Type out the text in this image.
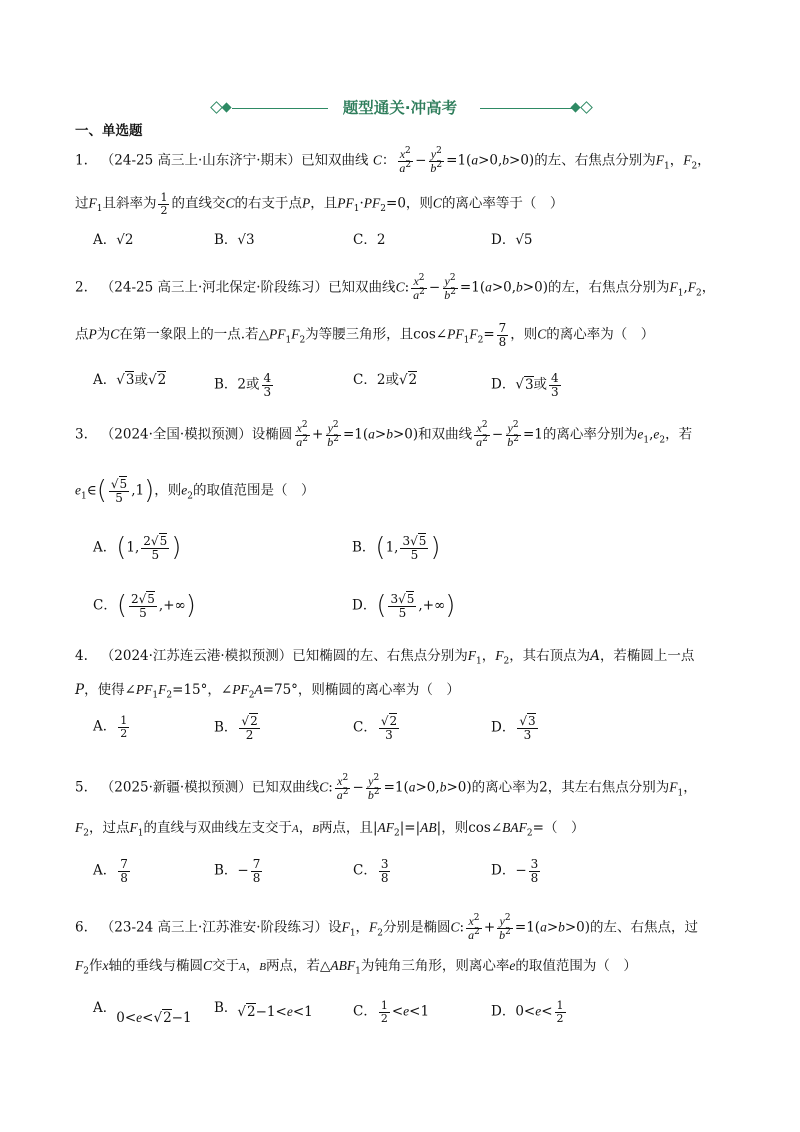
题型通关·冲高考
一、单选题
1. （24-25 高三上·山东济宁·期末）已知双曲线 C： $\frac{x^2}{a^2} - \frac{y^2}{b^2} =1(a>0,b>0)$的左、右焦点分别为$F_1$，$F_2$，
过$F_1$且斜率为 $\frac{1}{2}$ 的直线交C的右支于点P，且$PF_1\cdot PF_2=0$，则C的离心率等于（　）
A．√2	B．√3	C．2	D．√5
2. （24-25 高三上·河北保定·阶段练习）已知双曲线C: $\frac{x^2}{a^2} - \frac{y^2}{b^2} =1(a>0,b>0)$的左，右焦点分别为$F_1,F_2$，
点P为C在第一象限上的一点.若$\triangle PF_1F_2$为等腰三角形，且$\cos\angle PF_1F_2= \frac{7}{8}$ ，则C的离心率为（　）
A．√3或√2	B．2或 $\frac{4}{3}$	C．2或√2	D．√3或 $\frac{4}{3}$
3. （2024·全国·模拟预测）设椭圆 $\frac{x^2}{a^2} + \frac{y^2}{b^2} =1(a>b>0)$和双曲线 $\frac{x^2}{a^2} - \frac{y^2}{b^2} =1$的离心率分别为$e_1,e_2$，若
$e_1\in( \frac{√5}{5} ,1)$，则$e_2$的取值范围是（　）
A．(1, $\frac{2√5}{5}$ )	B．(1, $\frac{3√5}{5}$ )
C．( $\frac{2√5}{5}$ ,+∞)	D．( $\frac{3√5}{5}$ ,+∞)
4. （2024·江苏连云港·模拟预测）已知椭圆的左、右焦点分别为$F_1$，$F_2$，其右顶点为A，若椭圆上一点
P，使得$\angle PF_1F_2=15^\circ$，$\angle PF_2A=75^\circ$，则椭圆的离心率为（　）
A． $\frac{1}{2}$	B． $\frac{√2}{2}$	C． $\frac{√2}{3}$	D． $\frac{√3}{3}$
5. （2025·新疆·模拟预测）已知双曲线C: $\frac{x^2}{a^2} - \frac{y^2}{b^2} =1(a>0,b>0)$的离心率为2，其左右焦点分别为$F_1$，
$F_2$，过点$F_1$的直线与双曲线左支交于A，B两点，且$|AF_2|=|AB|$，则$\cos\angle BAF_2=$（　）
A． $\frac{7}{8}$	B．− $\frac{7}{8}$	C． $\frac{3}{8}$	D．− $\frac{3}{8}$
6. （23-24 高三上·江苏淮安·阶段练习）设$F_1$，$F_2$分别是椭圆C: $\frac{x^2}{a^2} + \frac{y^2}{b^2} =1(a>b>0)$的左、右焦点，过
$F_2$作x轴的垂线与椭圆C交于A，B两点，若$\triangle ABF_1$为钝角三角形，则离心率e的取值范围为（　）
A．0<e<√2−1
B．√2−1<e<1	C． $\frac{1}{2} <e<1$	D．$0<e< \frac{1}{2}$
